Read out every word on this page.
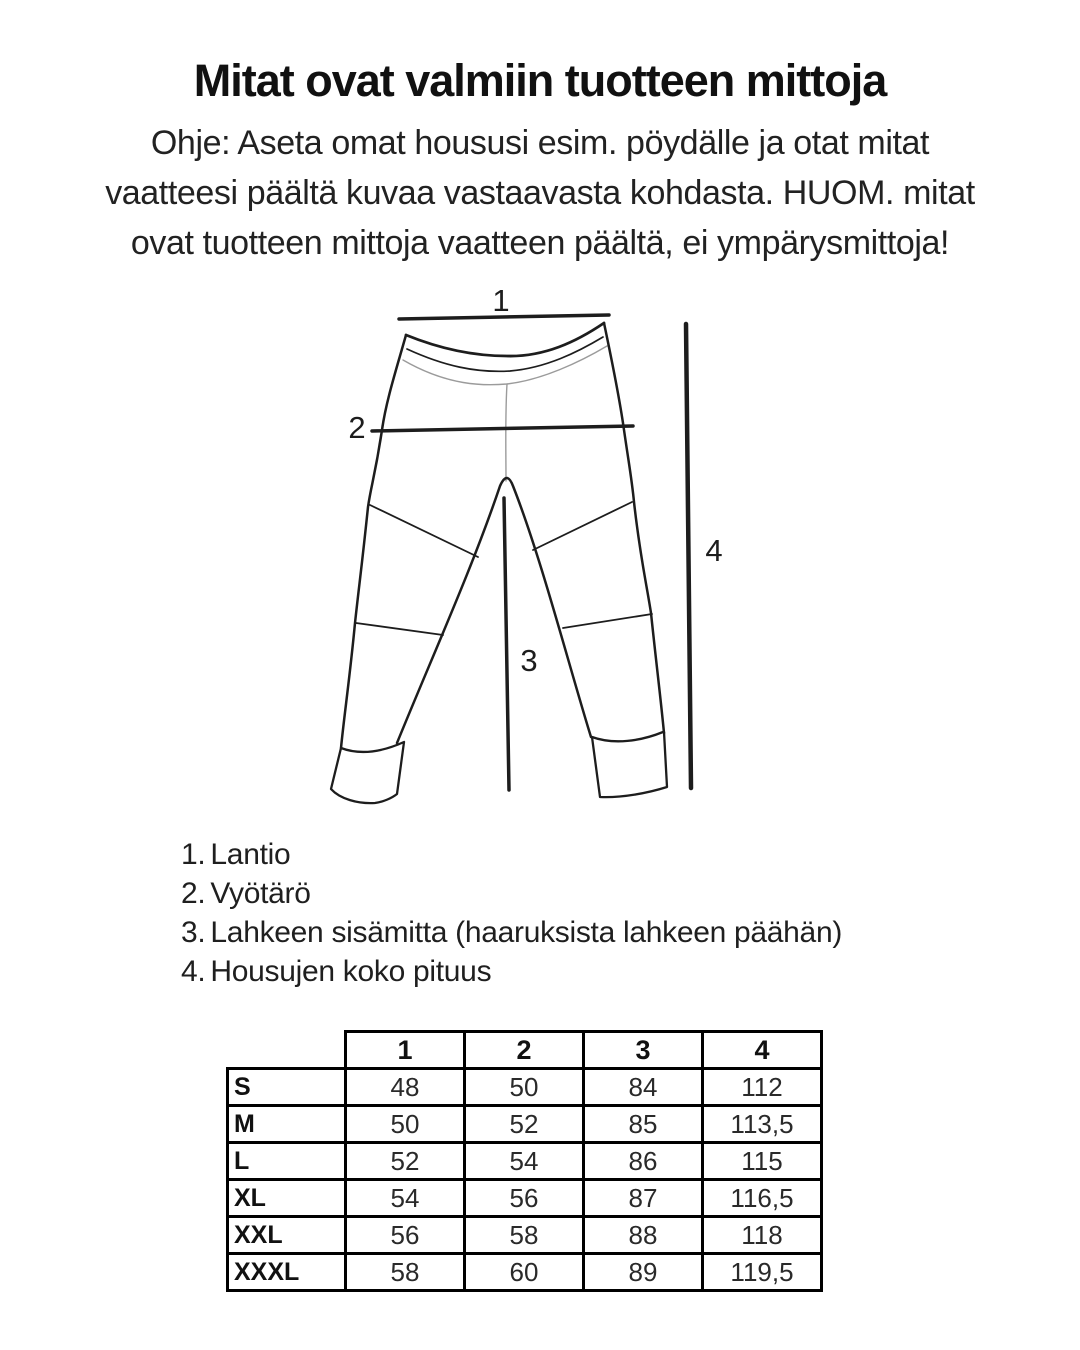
Mitat ovat valmiin tuotteen mittoja
Ohje: Aseta omat housusi esim. pöydälle ja otat mitat
vaatteesi päältä kuvaa vastaavasta kohdasta. HUOM. mitat
ovat tuotteen mittoja vaatteen päältä, ei ympärysmittoja!
1
2
3
4
1. Lantio
2. Vyötärö
3. Lahkeen sisämitta (haaruksista lahkeen päähän)
4. Housujen koko pituus
	1	2	3	4
S	48	50	84	112
M	50	52	85	113,5
L	52	54	86	115
XL	54	56	87	116,5
XXL	56	58	88	118
XXXL	58	60	89	119,5
